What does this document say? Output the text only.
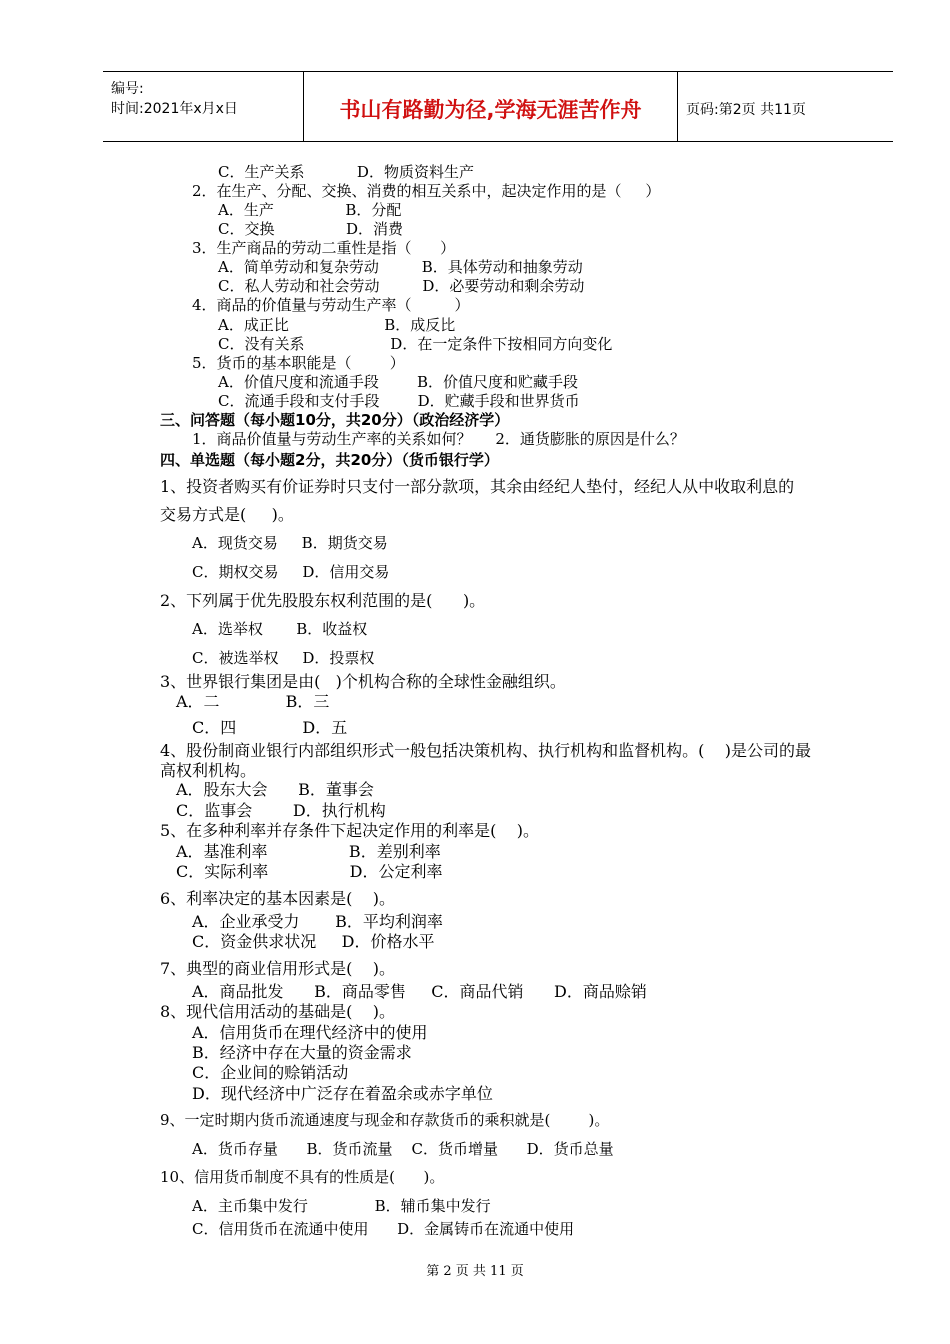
编号:
时间:2021年x月x日	书山有路勤为径,学海无涯苦作舟	页码:第2页 共11页
C．生产关系           D．物质资料生产
2．在生产、分配、交换、消费的相互关系中，起决定作用的是（     ）
A．生产               B．分配
C．交换               D．消费
3．生产商品的劳动二重性是指（      ）
A．简单劳动和复杂劳动         B．具体劳动和抽象劳动
C．私人劳动和社会劳动         D．必要劳动和剩余劳动
4．商品的价值量与劳动生产率（         ）
A．成正比                    B．成反比
C．没有关系                  D．在一定条件下按相同方向变化
5．货币的基本职能是（        ）
A．价值尺度和流通手段        B．价值尺度和贮藏手段
C．流通手段和支付手段        D．贮藏手段和世界货币
三、问答题（每小题10分，共20分）（政治经济学）
1．商品价值量与劳动生产率的关系如何？     2．通货膨胀的原因是什么？
四、单选题（每小题2分，共20分）（货币银行学）
1、投资者购买有价证券时只支付一部分款项，其余由经纪人垫付，经纪人从中收取利息的
交易方式是(     )。
A．现货交易     B．期货交易
C．期权交易     D．信用交易
2、下列属于优先股股东权利范围的是(      )。
A．选举权       B．收益权
C．被选举权     D．投票权
3、世界银行集团是由(   )个机构合称的全球性金融组织。
A．二             B．三
C．四             D．五
4、股份制商业银行内部组织形式一般包括决策机构、执行机构和监督机构。(    )是公司的最
高权利机构。
A．股东大会      B．董事会
C．监事会        D．执行机构
5、在多种利率并存条件下起决定作用的利率是(    )。
A．基准利率                B．差别利率
C．实际利率                D．公定利率
6、利率决定的基本因素是(    )。
A．企业承受力       B．平均利润率
C．资金供求状况     D．价格水平
7、典型的商业信用形式是(    )。
A．商品批发      B．商品零售     C．商品代销      D．商品赊销
8、现代信用活动的基础是(    )。
A．信用货币在理代经济中的使用
B．经济中存在大量的资金需求
C．企业间的赊销活动
D．现代经济中广泛存在着盈余或赤字单位
9、一定时期内货币流通速度与现金和存款货币的乘积就是(        )。
A．货币存量      B．货币流量    C．货币增量      D．货币总量
10、信用货币制度不具有的性质是(      )。
A．主币集中发行              B．辅币集中发行
C．信用货币在流通中使用      D．金属铸币在流通中使用
第 2 页 共 11 页
